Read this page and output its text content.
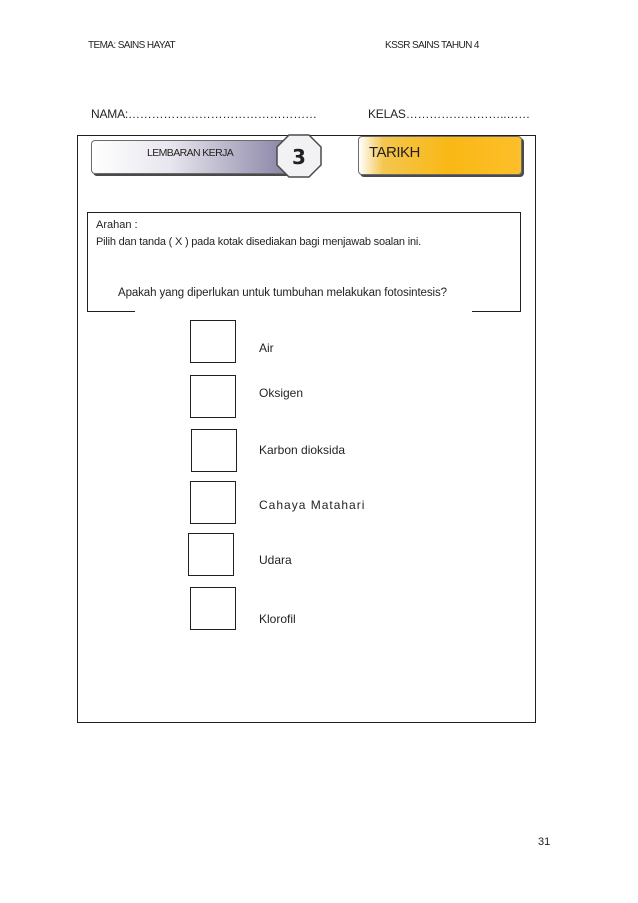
TEMA: SAINS HAYAT	KSSR SAINS TAHUN 4
NAMA:…………………………………………	KELAS……………………..……
LEMBARAN KERJA	3	TARIKH
Arahan :
Pilih dan tanda ( X ) pada kotak disediakan bagi menjawab soalan ini.
Apakah yang diperlukan untuk tumbuhan melakukan fotosintesis?
Air
Oksigen
Karbon dioksida
Cahaya Matahari
Udara
Klorofil
31
